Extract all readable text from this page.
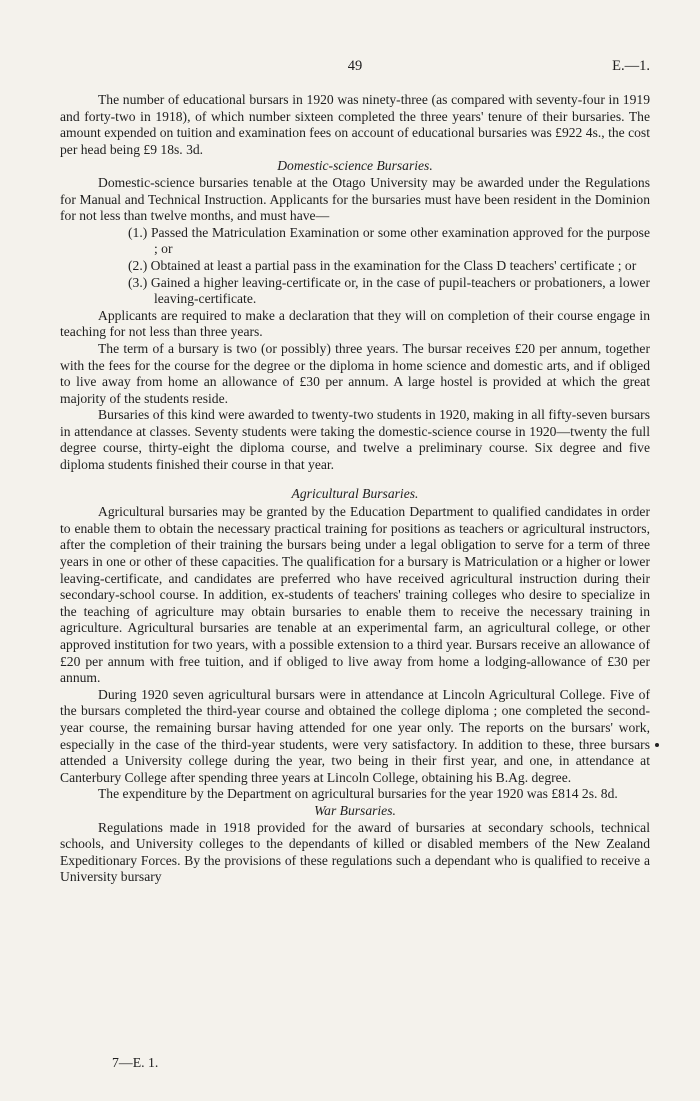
49	E.—1.

The number of educational bursars in 1920 was ninety-three (as compared with seventy-four in 1919 and forty-two in 1918), of which number sixteen completed the three years' tenure of their bursaries. The amount expended on tuition and examination fees on account of educational bursaries was £922 4s., the cost per head being £9 18s. 3d.

Domestic-science Bursaries.

Domestic-science bursaries tenable at the Otago University may be awarded under the Regulations for Manual and Technical Instruction. Applicants for the bursaries must have been resident in the Dominion for not less than twelve months, and must have—

(1.) Passed the Matriculation Examination or some other examination approved for the purpose ; or
(2.) Obtained at least a partial pass in the examination for the Class D teachers' certificate ; or
(3.) Gained a higher leaving-certificate or, in the case of pupil-teachers or probationers, a lower leaving-certificate.

Applicants are required to make a declaration that they will on completion of their course engage in teaching for not less than three years.

The term of a bursary is two (or possibly) three years. The bursar receives £20 per annum, together with the fees for the course for the degree or the diploma in home science and domestic arts, and if obliged to live away from home an allowance of £30 per annum. A large hostel is provided at which the great majority of the students reside.

Bursaries of this kind were awarded to twenty-two students in 1920, making in all fifty-seven bursars in attendance at classes. Seventy students were taking the domestic-science course in 1920—twenty the full degree course, thirty-eight the diploma course, and twelve a preliminary course. Six degree and five diploma students finished their course in that year.

Agricultural Bursaries.

Agricultural bursaries may be granted by the Education Department to qualified candidates in order to enable them to obtain the necessary practical training for positions as teachers or agricultural instructors, after the completion of their training the bursars being under a legal obligation to serve for a term of three years in one or other of these capacities. The qualification for a bursary is Matriculation or a higher or lower leaving-certificate, and candidates are preferred who have received agricultural instruction during their secondary-school course. In addition, ex-students of teachers' training colleges who desire to specialize in the teaching of agriculture may obtain bursaries to enable them to receive the necessary training in agriculture. Agricultural bursaries are tenable at an experimental farm, an agricultural college, or other approved institution for two years, with a possible extension to a third year. Bursars receive an allowance of £20 per annum with free tuition, and if obliged to live away from home a lodging-allowance of £30 per annum.

During 1920 seven agricultural bursars were in attendance at Lincoln Agricultural College. Five of the bursars completed the third-year course and obtained the college diploma ; one completed the second-year course, the remaining bursar having attended for one year only. The reports on the bursars' work, especially in the case of the third-year students, were very satisfactory. In addition to these, three bursars attended a University college during the year, two being in their first year, and one, in attendance at Canterbury College after spending three years at Lincoln College, obtaining his B.Ag. degree.

The expenditure by the Department on agricultural bursaries for the year 1920 was £814 2s. 8d.

War Bursaries.

Regulations made in 1918 provided for the award of bursaries at secondary schools, technical schools, and University colleges to the dependants of killed or disabled members of the New Zealand Expeditionary Forces. By the provisions of these regulations such a dependant who is qualified to receive a University bursary

7—E. 1.
